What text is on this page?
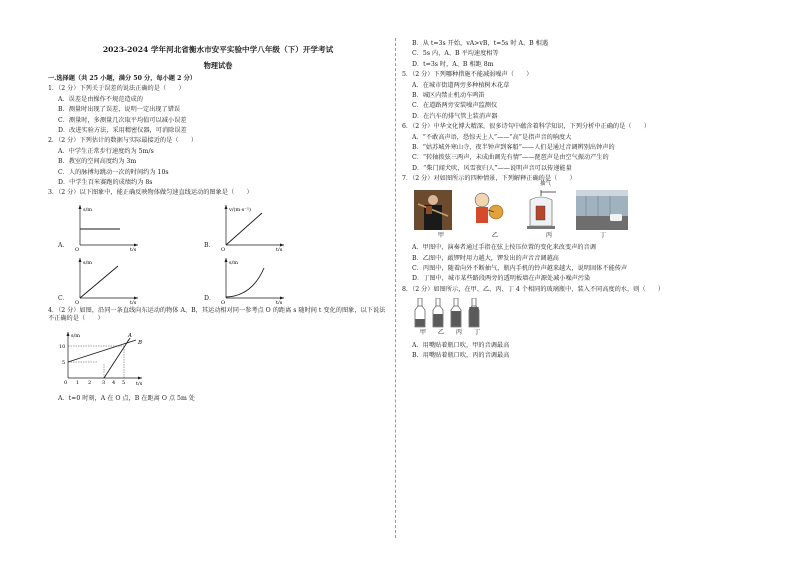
2023-2024 学年河北省衡水市安平实验中学八年级（下）开学考试
物理试卷
一.选择题（共 25 小题，满分 50 分，每小题 2 分）
1．（2 分）下列关于误差的说法正确的是（　　）
A．误差是由操作不规范造成的
B．测量时出现了误差，说明一定出现了错误
C．测量时，多测量几次取平均值可以减小误差
D．改进实验方法，采用精密仪器，可消除误差
2．（2 分）下列估计的数据与实际最接近的是（　　）
A．中学生正常步行速度约为 5m/s
B．教室的空间高度约为 3m
C．人的脉搏每跳动一次的时间约为 10s
D．中学生百米赛跑的成绩约为 8s
3．（2 分）以下图象中，能正确反映物体做匀速直线运动的图象是（　　）
A．
s/m
t/s
O
B．
v/(m·s⁻¹)
t/s
O
C．
s/m
t/s
O
D．
s/m
t/s
O
4．（2 分）如图，沿同一条直线向东运动的物体 A、B，其运动相对同一参考点 O 的距离 s 随时间 t 变化的图象，以下说法不正确的是（　　）
s/m
t/s
10
5
0 1 2 3 4 5
A
B
A．t=0 时刻，A 在 O 点，B 在距离 O 点 5m 处
B．从 t=3s 开始，vA>vB，t=5s 时 A、B 相遇
C．5s 内，A、B 平均速度相等
D．t=3s 时，A、B 相距 8m
5．（2 分）下列哪种措施不能减弱噪声（　　）
A．在城市街道两旁多种植树木花草
B．城区内禁止机动车鸣笛
C．在道路两旁安装噪声监测仪
D．在汽车的排气管上装消声器
6．（2 分）中华文化博大精深，很多诗句中蕴含着科学知识，下列分析中正确的是（　　）
A．“不敢高声语，恐惊天上人”——“高”是指声音的响度大
B．“姑苏城外寒山寺，夜半钟声到客船”——人们是通过音调辨别出钟声的
C．“转轴拨弦三两声，未成曲调先有情”——琵琶声是由空气振动产生的
D．“柴门闻犬吠，风雪夜归人”——说明声音可以传递能量
7．（2 分）对如图所示的四种情景，下列解释正确的是（　　）
抽气
甲	乙	丙	丁
A．甲图中，演奏者通过手指在弦上按压位置的变化来改变声的音调
B．乙图中，敲锣时用力越大，锣发出的声音音调越高
C．丙图中，随着向外不断抽气，瓶内手机的铃声越来越大，说明固体不能传声
D．丁图中，城市某些路段两旁的透明板墙在声源处减小噪声污染
8．（2 分）如图所示，在甲、乙、丙、丁 4 个相同的玻璃瓶中，装入不同高度的水，则（　　）
甲	乙	丙	丁
A．用嘴贴着瓶口吹，甲的音调最高
B．用嘴贴着瓶口吹，丙的音调最高
